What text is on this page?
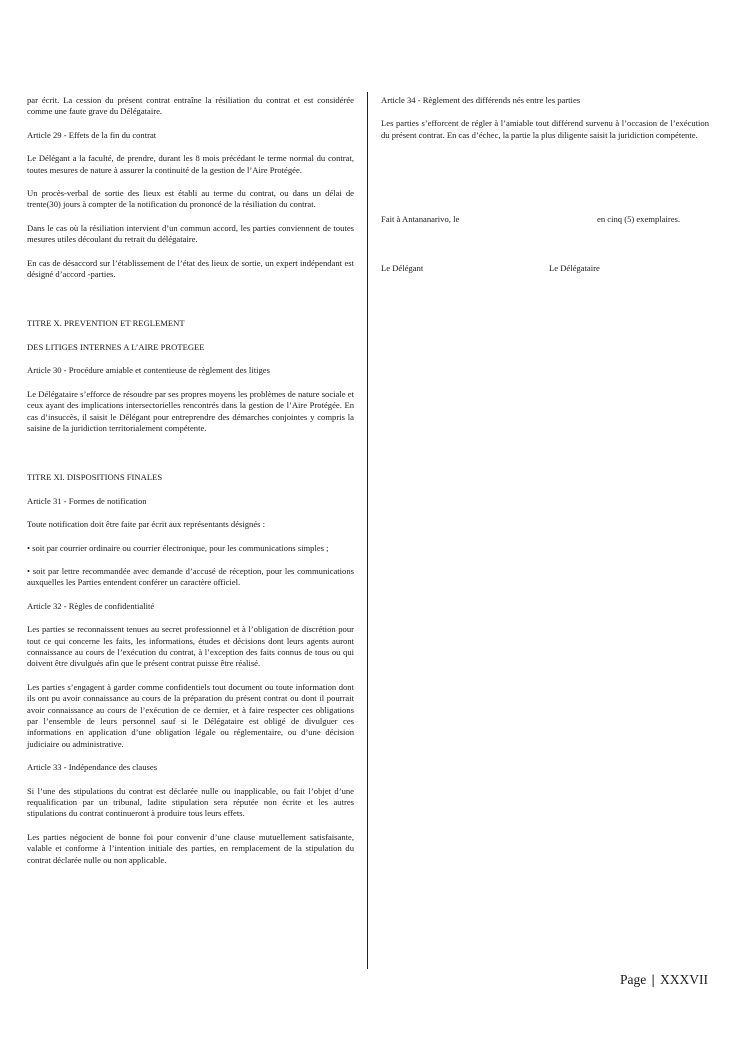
par écrit. La cession du présent contrat entraîne la résiliation du contrat et est considérée comme une faute grave du Délégataire.

Article 29 - Effets de la fin du contrat

Le Délégant a la faculté, de prendre, durant les 8 mois précédant le terme normal du contrat, toutes mesures de nature à assurer la continuité de la gestion de l’Aire Protégée.

Un procès-verbal de sortie des lieux est établi au terme du contrat, ou dans un délai de trente(30) jours à compter de la notification du prononcé de la résiliation du contrat.

Dans le cas où la résiliation intervient d’un commun accord, les parties conviennent de toutes mesures utiles découlant du retrait du délégataire.

En cas de désaccord sur l’établissement de l’état des lieux de sortie, un expert indépendant est désigné d’accord -parties.

TITRE X. PREVENTION ET REGLEMENT

DES LITIGES INTERNES A L’AIRE PROTEGEE

Article 30 - Procédure amiable et contentieuse de règlement des litiges

Le Délégataire s’efforce de résoudre par ses propres moyens les problèmes de nature sociale et ceux ayant des implications intersectorielles rencontrés dans la gestion de l’Aire Protégée. En cas d’insuccès, il saisit le Délégant pour entreprendre des démarches conjointes y compris la saisine de la juridiction territorialement compétente.

TITRE XI. DISPOSITIONS FINALES

Article 31 - Formes de notification

Toute notification doit être faite par écrit aux représentants désignés :

• soit par courrier ordinaire ou courrier électronique, pour les communications simples ;

• soit par lettre recommandée avec demande d’accusé de réception, pour les communications auxquelles les Parties entendent conférer un caractère officiel.

Article 32 - Règles de confidentialité

Les parties se reconnaissent tenues au secret professionnel et à l’obligation de discrétion pour tout ce qui concerne les faits, les informations, études et décisions dont leurs agents auront connaissance au cours de l’exécution du contrat, à l’exception des faits connus de tous ou qui doivent être divulgués afin que le présent contrat puisse être réalisé.

Les parties s’engagent à garder comme confidentiels tout document ou toute information dont ils ont pu avoir connaissance au cours de la préparation du présent contrat ou dont il pourrait avoir connaissance au cours de l’exécution de ce dernier, et à faire respecter ces obligations par l’ensemble de leurs personnel sauf si le Délégataire est obligé de divulguer ces informations en application d’une obligation légale ou réglementaire, ou d’une décision judiciaire ou administrative.

Article 33 - Indépendance des clauses

Si l’une des stipulations du contrat est déclarée nulle ou inapplicable, ou fait l’objet d’une requalification par un tribunal, ladite stipulation sera réputée non écrite et les autres stipulations du contrat continueront à produire tous leurs effets.

Les parties négocient de bonne foi pour convenir d’une clause mutuellement satisfaisante, valable et conforme à l’intention initiale des parties, en remplacement de la stipulation du contrat déclarée nulle ou non applicable.

Article 34 - Règlement des différends nés entre les parties

Les parties s’efforcent de régler à l’amiable tout différend survenu à l’occasion de l’exécution du présent contrat. En cas d’échec, la partie la plus diligente saisit la juridiction compétente.

Fait à Antananarivo, le	en cinq (5) exemplaires.
Le Délégant	Le Délégataire
Page | XXXVII
